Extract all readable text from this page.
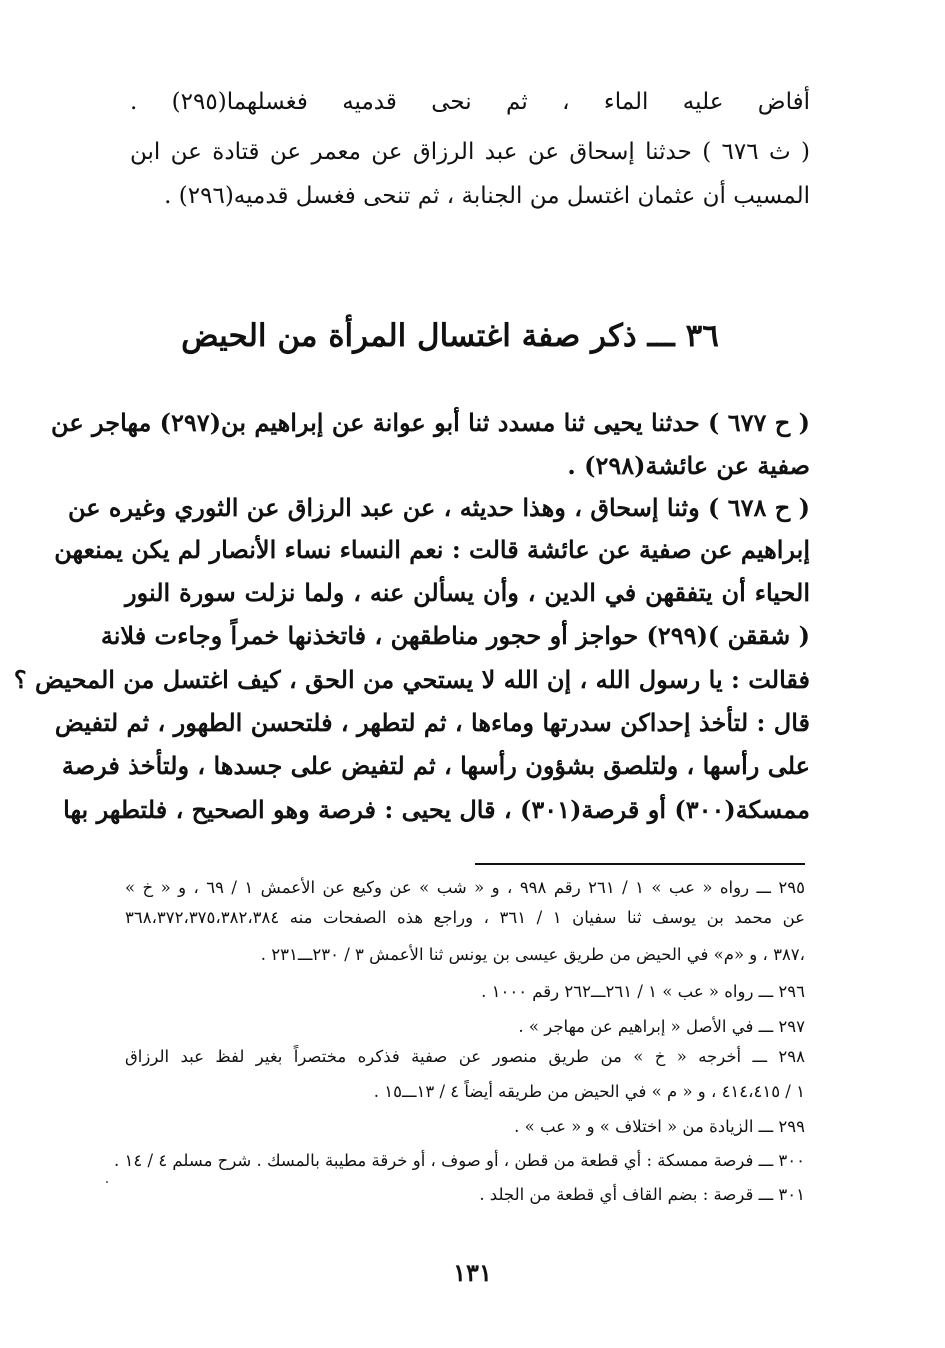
أفاض عليه الماء ، ثم نحى قدميه فغسلهما(٢٩٥) .
( ث ٦٧٦ ) حدثنا إسحاق عن عبد الرزاق عن معمر عن قتادة عن ابن
المسيب أن عثمان اغتسل من الجنابة ، ثم تنحى فغسل قدميه(٢٩٦) .
٣٦ ـــ ذكر صفة اغتسال المرأة من الحيض
( ح ٦٧٧ ) حدثنا يحيى ثنا مسدد ثنا أبو عوانة عن إبراهيم بن(٢٩٧) مهاجر عن
صفية عن عائشة(٢٩٨) .
( ح ٦٧٨ ) وثنا إسحاق ، وهذا حديثه ، عن عبد الرزاق عن الثوري وغيره عن
إبراهيم عن صفية عن عائشة قالت : نعم النساء نساء الأنصار لم يكن يمنعهن
الحياء أن يتفقهن في الدين ، وأن يسألن عنه ، ولما نزلت سورة النور
( شققن )(٢٩٩) حواجز أو حجور مناطقهن ، فاتخذنها خمراً وجاءت فلانة
فقالت : يا رسول الله ، إن الله لا يستحي من الحق ، كيف اغتسل من المحيض ؟
قال : لتأخذ إحداكن سدرتها وماءها ، ثم لتطهر ، فلتحسن الطهور ، ثم لتفيض
على رأسها ، ولتلصق بشؤون رأسها ، ثم لتفيض على جسدها ، ولتأخذ فرصة
ممسكة(٣٠٠) أو قرصة(٣٠١) ، قال يحيى : فرصة وهو الصحيح ، فلتطهر بها
٢٩٥ ـــ رواه « عب » ١ / ٢٦١ رقم ٩٩٨ ، و « شب » عن وكيع عن الأعمش ١ / ٦٩ ، و « خ »
عن محمد بن يوسف ثنا سفيان ١ / ٣٦١ ، وراجع هذه الصفحات منه ٣٦٨،٣٧٢،٣٧٥،٣٨٢،٣٨٤
،٣٨٧ ، و «م» في الحيض من طريق عيسى بن يونس ثنا الأعمش ٣ / ٢٣٠ـــ٢٣١ .
٢٩٦ ـــ رواه « عب » ١ / ٢٦١ـــ٢٦٢ رقم ١٠٠٠ .
٢٩٧ ـــ في الأصل « إبراهيم عن مهاجر » .
٢٩٨ ـــ أخرجه « خ » من طريق منصور عن صفية فذكره مختصراً بغير لفظ عبد الرزاق
١ / ٤١٤،٤١٥ ، و « م » في الحيض من طريقه أيضاً ٤ / ١٣ـــ١٥ .
٢٩٩ ـــ الزيادة من « اختلاف » و « عب » .
٣٠٠ ـــ فرصة ممسكة : أي قطعة من قطن ، أو صوف ، أو خرقة مطيبة بالمسك . شرح مسلم ٤ / ١٤ .
٣٠١ ـــ قرصة : بضم القاف أي قطعة من الجلد .
١٣١
